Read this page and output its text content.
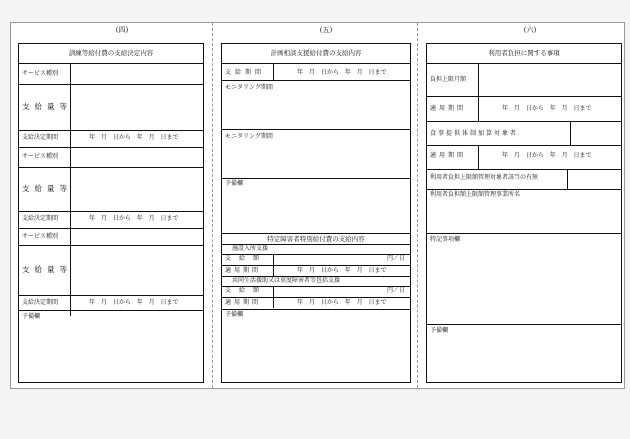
(四)	(五)	(六)
訓練等給付費の支給決定内容
サービス種別
支給量等
支給決定期間	年 月 日から 年 月 日まで
サービス種別
支給量等
支給決定期間	年 月 日から 年 月 日まで
サービス種別
支給量等
支給決定期間	年 月 日から 年 月 日まで
予備欄
計画相談支援給付費の支給内容
支給期間	年 月 日から 年 月 日まで
モニタリング期間
モニタリング期間
予備欄
特定障害者特別給付費の支給内容
施設入所支援
支給額	円／日
適用期間	年 月 日から 年 月 日まで
共同生活援助又は重度障害者等包括支援
支給額	円／日
適用期間	年 月 日から 年 月 日まで
予備欄
利用者負担に関する事項
負担上限月額
適用期間	年 月 日から 年 月 日まで
食事提供体制加算対象者
適用期間	年 月 日から 年 月 日まで
利用者負担上限額管理対象者該当の有無
利用者負担額上限額管理事業所名
特記事項欄
予備欄
